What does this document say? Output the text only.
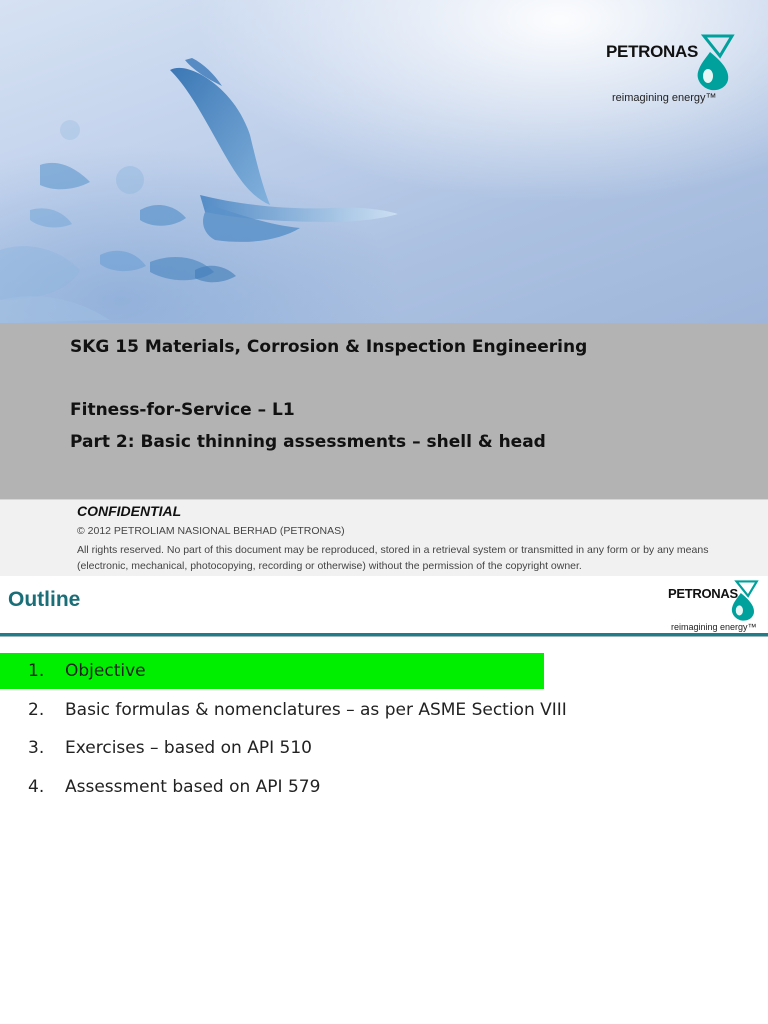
PETRONAS
reimagining energy™
SKG 15 Materials, Corrosion & Inspection Engineering
Fitness-for-Service – L1
Part 2: Basic thinning assessments – shell & head
CONFIDENTIAL
© 2012 PETROLIAM NASIONAL BERHAD (PETRONAS)
All rights reserved. No part of this document may be reproduced, stored in a retrieval system or transmitted in any form or by any means (electronic, mechanical, photocopying, recording or otherwise) without the permission of the copyright owner.
Outline	PETRONAS
reimagining energy™
1. Objective
2. Basic formulas & nomenclatures – as per ASME Section VIII
3. Exercises – based on API 510
4. Assessment based on API 579
